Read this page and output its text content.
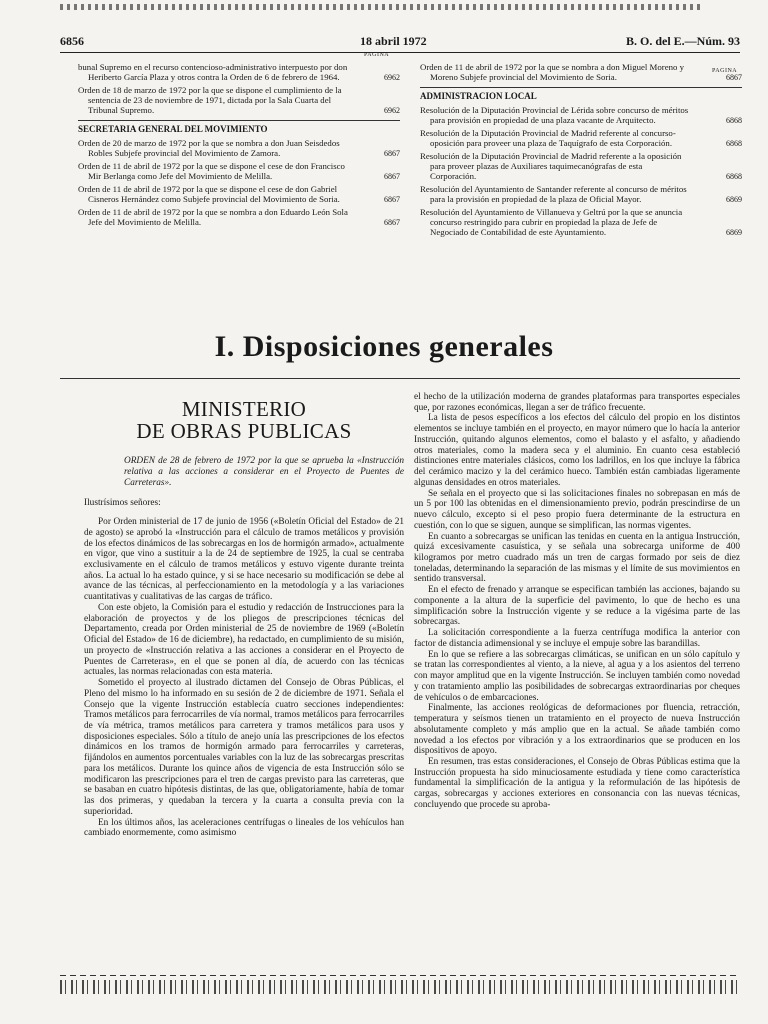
6856	18 abril 1972	B. O. del E.—Núm. 93
PAGINA
bunal Supremo en el recurso contencioso-administrativo interpuesto por don Heriberto García Plaza y otros contra la Orden de 6 de febrero de 1964.	6962
Orden de 18 de marzo de 1972 por la que se dispone el cumplimiento de la sentencia de 23 de noviembre de 1971, dictada por la Sala Cuarta del Tribunal Supremo.	6962
SECRETARIA GENERAL DEL MOVIMIENTO
Orden de 20 de marzo de 1972 por la que se nombra a don Juan Seisdedos Robles Subjefe provincial del Movimiento de Zamora.	6867
Orden de 11 de abril de 1972 por la que se dispone el cese de don Francisco Mir Berlanga como Jefe del Movimiento de Melilla.	6867
Orden de 11 de abril de 1972 por la que se dispone el cese de don Gabriel Cisneros Hernández como Subjefe provincial del Movimiento de Soria.	6867
Orden de 11 de abril de 1972 por la que se nombra a don Eduardo León Sola Jefe del Movimiento de Melilla.	6867
PAGINA
Orden de 11 de abril de 1972 por la que se nombra a don Miguel Moreno y Moreno Subjefe provincial del Movimiento de Soria.	6867
ADMINISTRACION LOCAL
Resolución de la Diputación Provincial de Lérida sobre concurso de méritos para provisión en propiedad de una plaza vacante de Arquitecto.	6868
Resolución de la Diputación Provincial de Madrid referente al concurso-oposición para proveer una plaza de Taquígrafo de esta Corporación.	6868
Resolución de la Diputación Provincial de Madrid referente a la oposición para proveer plazas de Auxiliares taquimecanógrafas de esta Corporación.	6868
Resolución del Ayuntamiento de Santander referente al concurso de méritos para la provisión en propiedad de la plaza de Oficial Mayor.	6869
Resolución del Ayuntamiento de Villanueva y Geltrú por la que se anuncia concurso restringido para cubrir en propiedad la plaza de Jefe de Negociado de Contabilidad de este Ayuntamiento.	6869
I. Disposiciones generales
MINISTERIO
DE OBRAS PUBLICAS

ORDEN de 28 de febrero de 1972 por la que se aprueba la «Instrucción relativa a las acciones a considerar en el Proyecto de Puentes de Carreteras».

Ilustrísimos señores:

Por Orden ministerial de 17 de junio de 1956 («Boletín Oficial del Estado» de 21 de agosto) se aprobó la «Instrucción para el cálculo de tramos metálicos y provisión de los efectos dinámicos de las sobrecargas en los de hormigón armado», actualmente en vigor, que vino a sustituir a la de 24 de septiembre de 1925, la cual se centraba exclusivamente en el cálculo de tramos metálicos y estuvo vigente durante treinta años. La actual lo ha estado quince, y si se hace necesario su modificación se debe al avance de las técnicas, al perfeccionamiento en la metodología y a las variaciones cuantitativas y cualitativas de las cargas de tráfico.

Con este objeto, la Comisión para el estudio y redacción de Instrucciones para la elaboración de proyectos y de los pliegos de prescripciones técnicas del Departamento, creada por Orden ministerial de 25 de noviembre de 1969 («Boletín Oficial del Estado» de 16 de diciembre), ha redactado, en cumplimiento de su misión, un proyecto de «Instrucción relativa a las acciones a considerar en el Proyecto de Puentes de Carreteras», en el que se ponen al día, de acuerdo con las técnicas actuales, las normas relacionadas con esta materia.

Sometido el proyecto al ilustrado dictamen del Consejo de Obras Públicas, el Pleno del mismo lo ha informado en su sesión de 2 de diciembre de 1971. Señala el Consejo que la vigente Instrucción establecía cuatro secciones independientes: Tramos metálicos para ferrocarriles de vía normal, tramos metálicos para ferrocarriles de vía métrica, tramos metálicos para carretera y tramos metálicos para usos y disposiciones especiales. Sólo a título de anejo unía las prescripciones de los efectos dinámicos en los tramos de hormigón armado para ferrocarriles y carreteras, fijándolos en aumentos porcentuales variables con la luz de las sobrecargas prescritas para los metálicos. Durante los quince años de vigencia de esta Instrucción sólo se modificaron las prescripciones para el tren de cargas previsto para las carreteras, que se basaban en cuatro hipótesis distintas, de las que, obligatoriamente, había de tomar las dos primeras, y quedaban la tercera y la cuarta a consulta previa con la superioridad.

En los últimos años, las aceleraciones centrífugas o lineales de los vehículos han cambiado enormemente, como asimismo

el hecho de la utilización moderna de grandes plataformas para transportes especiales que, por razones económicas, llegan a ser de tráfico frecuente.

La lista de pesos específicos a los efectos del cálculo del propio en los distintos elementos se incluye también en el proyecto, en mayor número que lo hacía la anterior Instrucción, quitando algunos elementos, como el balasto y el asfalto, y añadiendo otros materiales, como la madera seca y el aluminio. En cuanto cesa estableció distinciones entre materiales clásicos, como los ladrillos, en los que incluye la fábrica del cerámico macizo y la del cerámico hueco. También están cambiadas ligeramente algunas densidades en otros materiales.

Se señala en el proyecto que si las solicitaciones finales no sobrepasan en más de un 5 por 100 las obtenidas en el dimensionamiento previo, podrán prescindirse de un nuevo cálculo, excepto si el peso propio fuera determinante de la estructura en cuestión, con lo que se siguen, aunque se simplifican, las normas vigentes.

En cuanto a sobrecargas se unifican las tenidas en cuenta en la antigua Instrucción, quizá excesivamente casuística, y se señala una sobrecarga uniforme de 400 kilogramos por metro cuadrado más un tren de cargas formado por seis de diez toneladas, determinando la separación de las mismas y el límite de sus movimientos en sentido transversal.

En el efecto de frenado y arranque se especifican también las acciones, bajando su componente a la altura de la superficie del pavimento, lo que de hecho es una simplificación sobre la Instrucción vigente y se reduce a la vigésima parte de las sobrecargas.

La solicitación correspondiente a la fuerza centrífuga modifica la anterior con factor de distancia adimensional y se incluye el empuje sobre las barandillas.

En lo que se refiere a las sobrecargas climáticas, se unifican en un sólo capítulo y se tratan las correspondientes al viento, a la nieve, al agua y a los asientos del terreno con mayor amplitud que en la vigente Instrucción. Se incluyen también como novedad y con tratamiento amplio las posibilidades de sobrecargas extraordinarias por cheques de vehículos o de embarcaciones.

Finalmente, las acciones reológicas de deformaciones por fluencia, retracción, temperatura y seísmos tienen un tratamiento en el proyecto de nueva Instrucción absolutamente completo y más amplio que en la actual. Se añade también como novedad a los efectos por vibración y a los extraordinarios que se producen en los dispositivos de apoyo.

En resumen, tras estas consideraciones, el Consejo de Obras Públicas estima que la Instrucción propuesta ha sido minuciosamente estudiada y tiene como característica fundamental la simplificación de la antigua y la reformulación de las hipótesis de cargas, sobrecargas y acciones exteriores en consonancia con las nuevas técnicas, concluyendo que procede su aproba-
